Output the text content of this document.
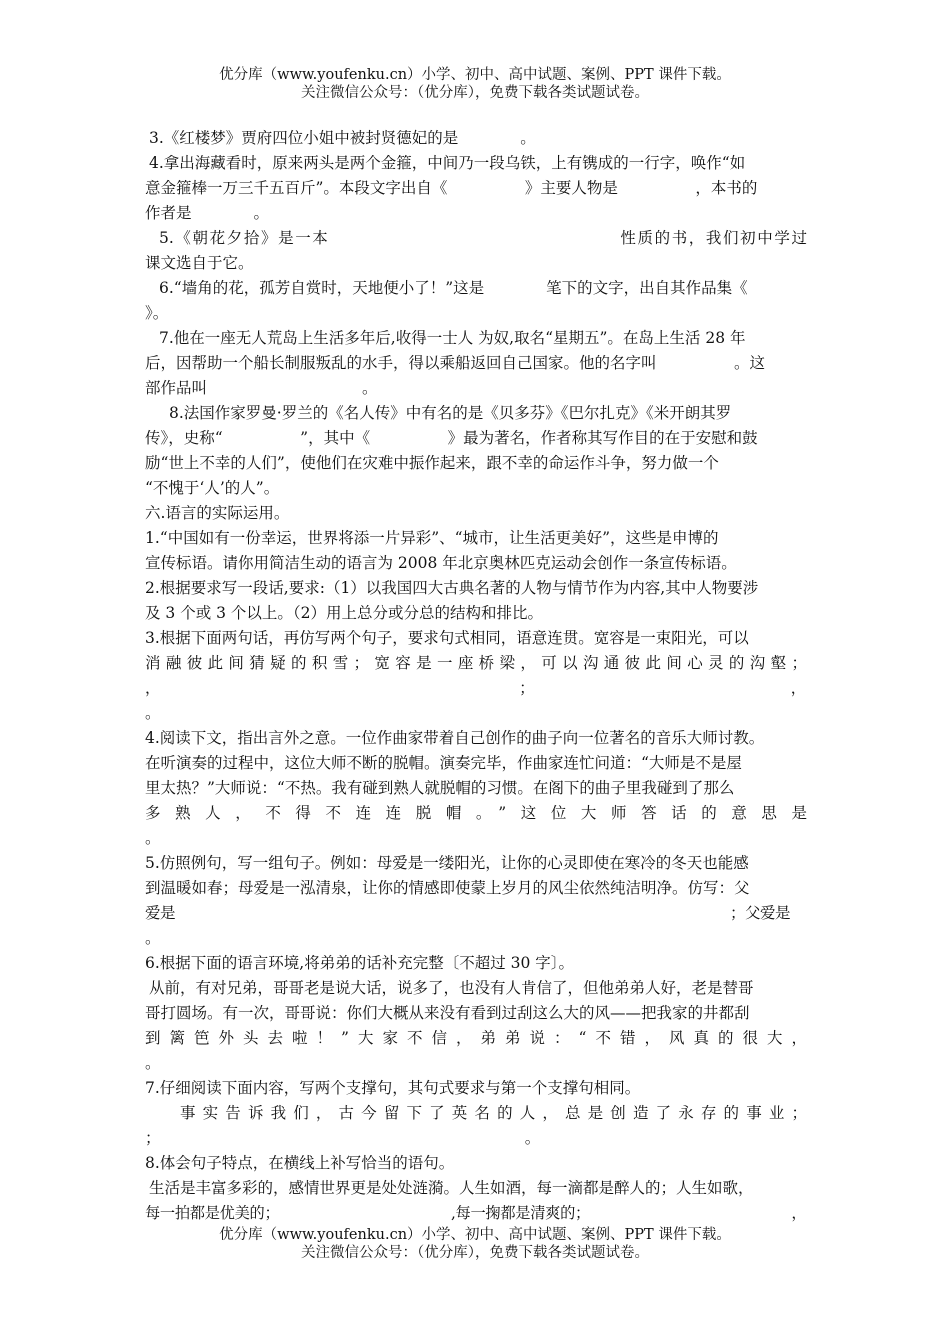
优分库（www.youfenku.cn）小学、初中、高中试题、案例、PPT 课件下载。
关注微信公众号：（优分库），免费下载各类试题试卷。
3.《红楼梦》贾府四位小姐中被封贤德妃的是　　　　。
4.拿出海藏看时，原来两头是两个金箍，中间乃一段乌铁，上有镌成的一行字，唤作“如
意金箍棒一万三千五百斤”。本段文字出自《　　　　　》主要人物是　　　　　，本书的
作者是　　　　。
5.《朝花夕拾》是一本　　　　　　　　　　　　　　　　　性质的书，我们初中学过
课文选自于它。
6.“墙角的花，孤芳自赏时，天地便小了！”这是　　　　笔下的文字，出自其作品集《
》。
7.他在一座无人荒岛上生活多年后,收得一士人 为奴,取名“星期五”。在岛上生活 28 年
后，因帮助一个船长制服叛乱的水手，得以乘船返回自己国家。他的名字叫　　　　　。这
部作品叫　　　　　　　　　　。
8.法国作家罗曼·罗兰的《名人传》中有名的是《贝多芬》《巴尔扎克》《米开朗其罗
传》，史称“　　　　　”，其中《　　　　　》最为著名，作者称其写作目的在于安慰和鼓
励“世上不幸的人们”，使他们在灾难中振作起来，跟不幸的命运作斗争，努力做一个
“不愧于‘人’的人”。
六.语言的实际运用。
1.“中国如有一份幸运，世界将添一片异彩”、“城市，让生活更美好”，这些是申博的
宣传标语。请你用简洁生动的语言为 2008 年北京奥林匹克运动会创作一条宣传标语。
2.根据要求写一段话,要求:（1）以我国四大古典名著的人物与情节作为内容,其中人物要涉
及 3 个或 3 个以上。（2）用上总分或分总的结构和排比。
3.根据下面两句话，再仿写两个句子，要求句式相同，语意连贯。宽容是一束阳光，可以
消融彼此间猜疑的积雪；宽容是一座桥梁，可以沟通彼此间心灵的沟壑；
，　　　　　　　　　　　　　　　　　　　　　　　　　；　　　　　　　　　　　　　　　　　　，
。
4.阅读下文，指出言外之意。一位作曲家带着自己创作的曲子向一位著名的音乐大师讨教。
在听演奏的过程中，这位大师不断的脱帽。演奏完毕，作曲家连忙问道：“大师是不是屋
里太热？”大师说：“不热。我有碰到熟人就脱帽的习惯。在阁下的曲子里我碰到了那么
多熟人，不得不连连脱帽。”这位大师答话的意思是
。
5.仿照例句，写一组句子。例如：母爱是一缕阳光，让你的心灵即使在寒冷的冬天也能感
到温暖如春；母爱是一泓清泉，让你的情感即使蒙上岁月的风尘依然纯洁明净。仿写：父
爱是　　　　　　　　　　　　　　　　　　　　　　　　　　　　　　　　　　　　　；父爱是
。
6.根据下面的语言环境,将弟弟的话补充完整〔不超过 30 字〕。
从前，有对兄弟，哥哥老是说大话，说多了，也没有人肯信了，但他弟弟人好，老是替哥
哥打圆场。有一次，哥哥说：你们大概从来没有看到过刮这么大的风——把我家的井都刮
到篱笆外头去啦！”大家不信，弟弟说：“不错，风真的很大，
。
7.仔细阅读下面内容，写两个支撑句，其句式要求与第一个支撑句相同。
事实告诉我们，古今留下了英名的人，总是创造了永存的事业；
；　　　　　　　　　　　　　　　　　　　　　　　　。
8.体会句子特点，在横线上补写恰当的语句。
生活是丰富多彩的，感情世界更是处处涟漪。人生如酒，每一滴都是醉人的；人生如歌，
每一拍都是优美的；　　　　　　　　　　　　,每一掬都是清爽的；　　　　　　　　　　　　　　，
优分库（www.youfenku.cn）小学、初中、高中试题、案例、PPT 课件下载。
关注微信公众号：（优分库），免费下载各类试题试卷。
